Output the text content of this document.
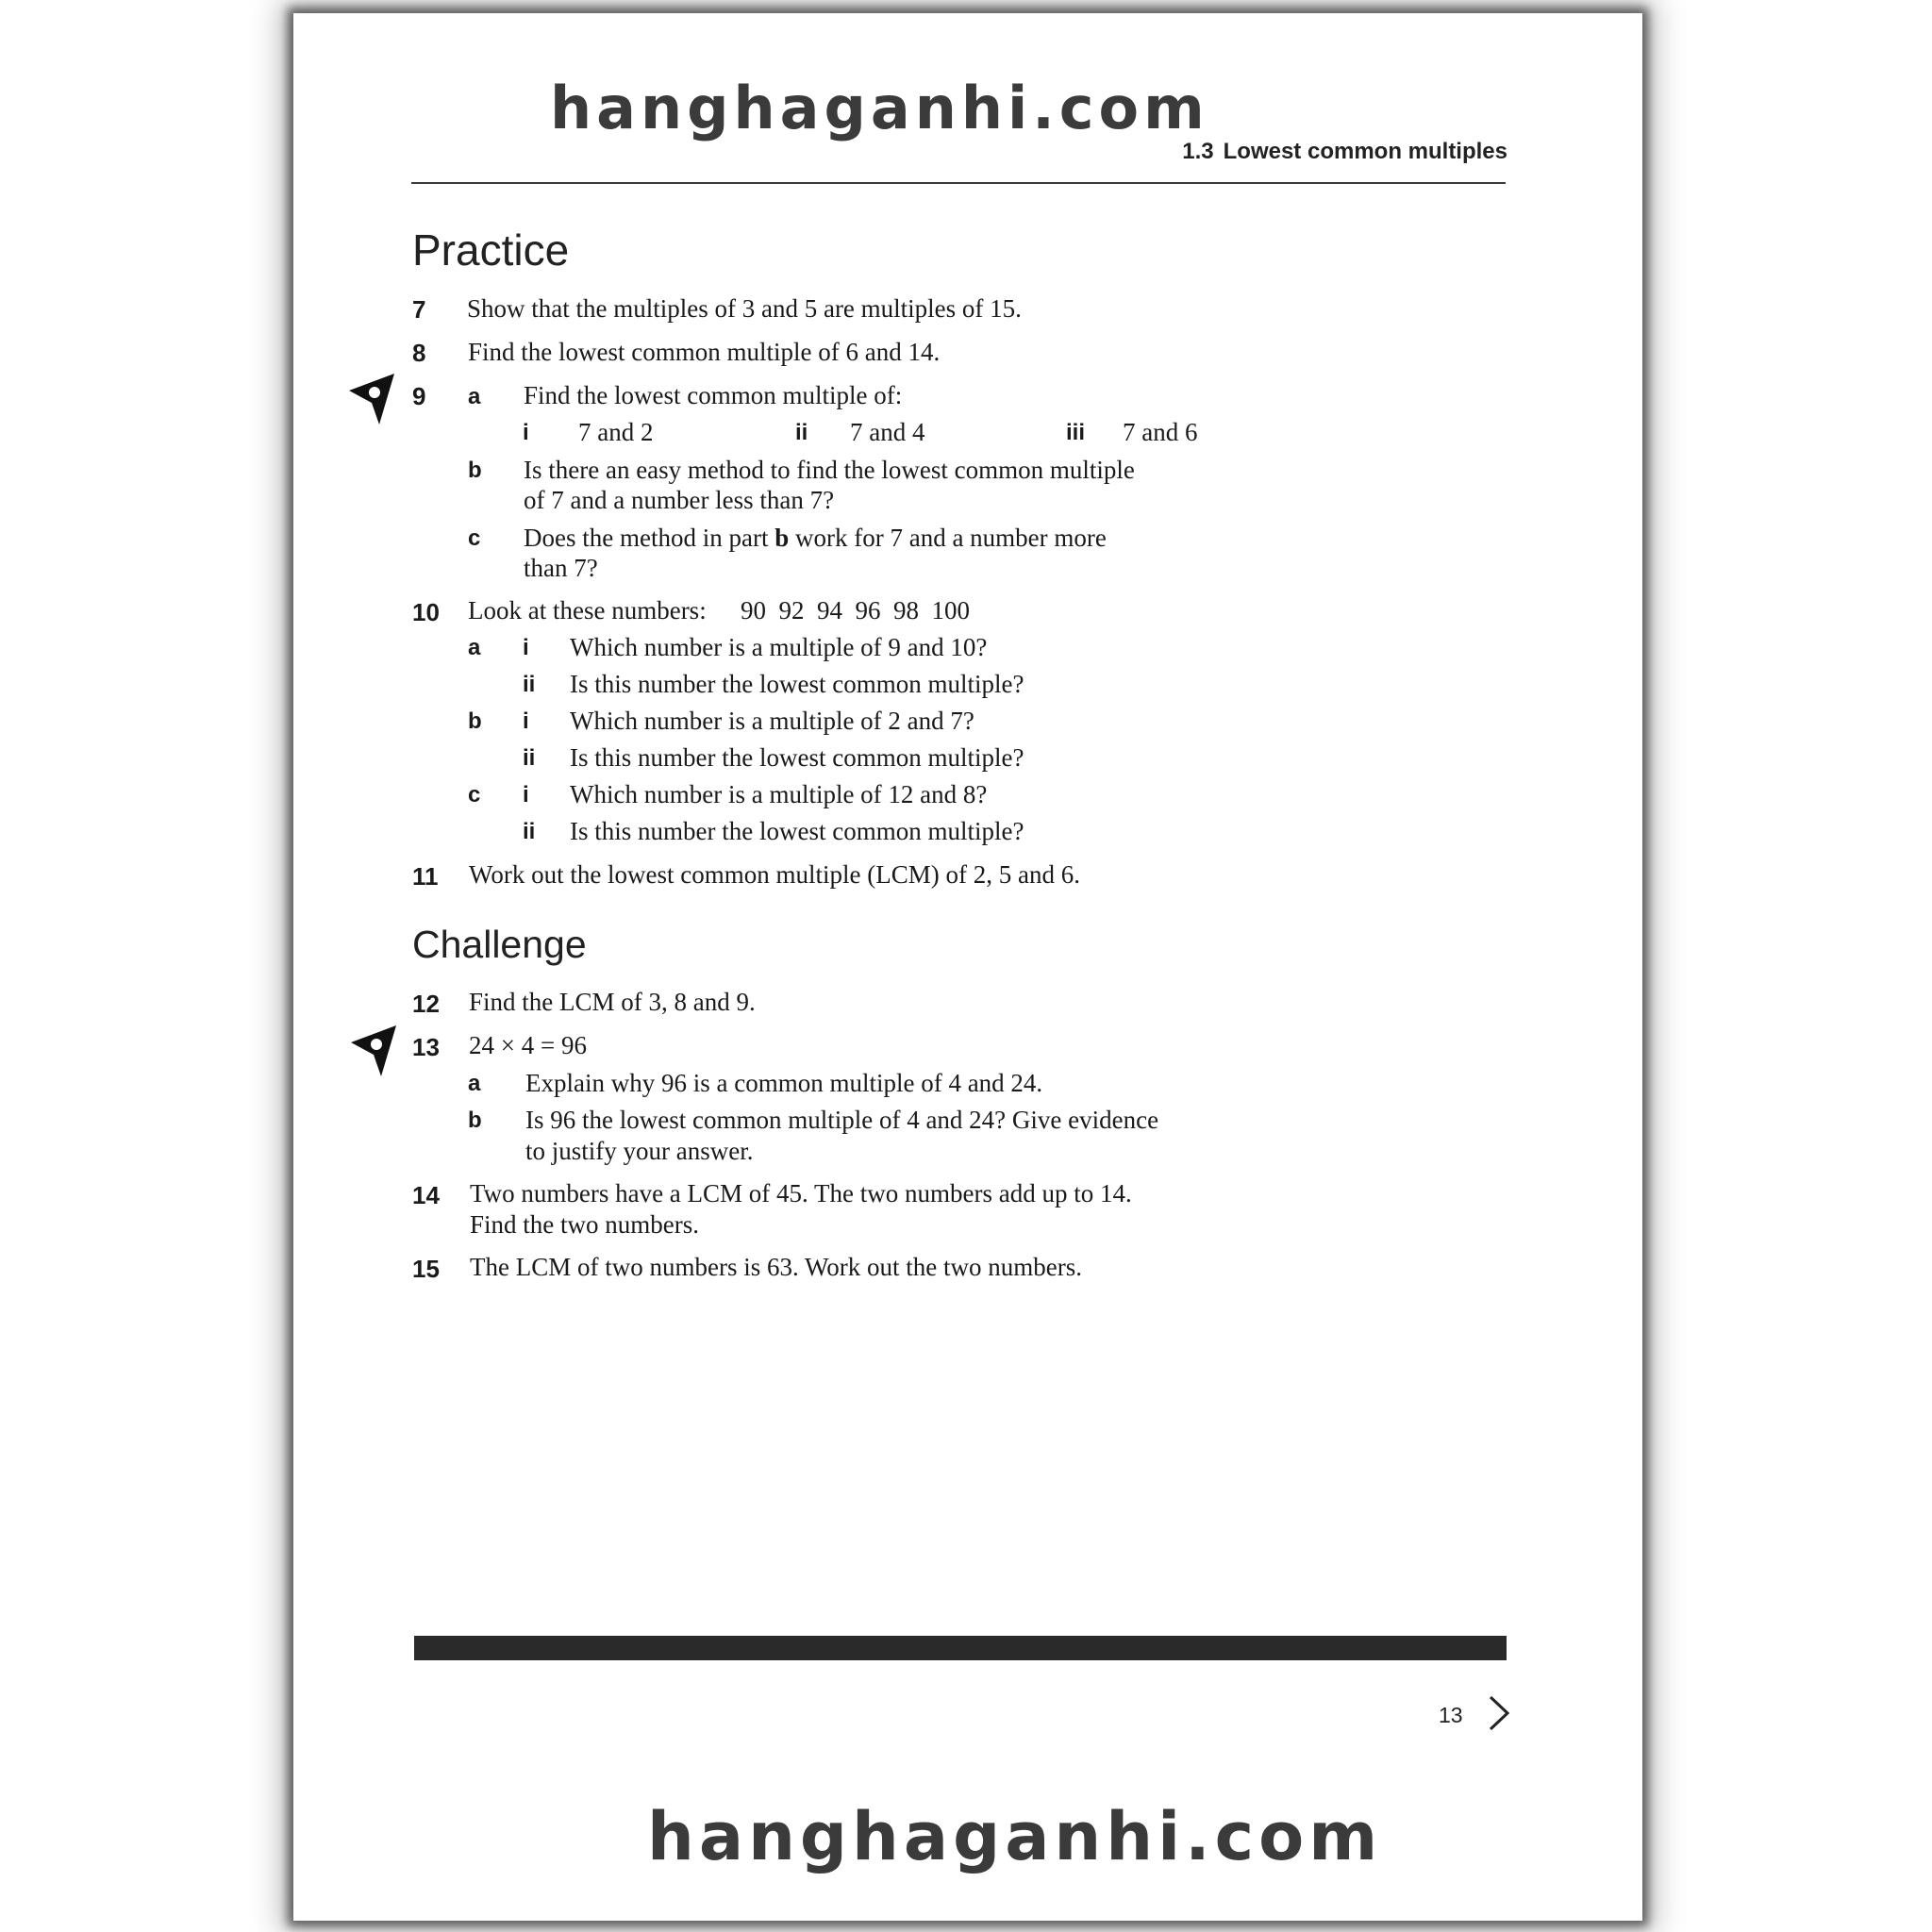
hanghaganhi.com

1.3 Lowest common multiples
Practice
7 Show that the multiples of 3 and 5 are multiples of 15.
8 Find the lowest common multiple of 6 and 14.
9 a Find the lowest common multiple of:
i 7 and 2	ii 7 and 4	iii 7 and 6
b Is there an easy method to find the lowest common multiple
of 7 and a number less than 7?
c Does the method in part b work for 7 and a number more
than 7?
10 Look at these numbers: 90  92  94  96  98  100
a i Which number is a multiple of 9 and 10?
ii Is this number the lowest common multiple?
b i Which number is a multiple of 2 and 7?
ii Is this number the lowest common multiple?
c i Which number is a multiple of 12 and 8?
ii Is this number the lowest common multiple?
11 Work out the lowest common multiple (LCM) of 2, 5 and 6.
Challenge
12 Find the LCM of 3, 8 and 9.
13 24 × 4 = 96
a Explain why 96 is a common multiple of 4 and 24.
b Is 96 the lowest common multiple of 4 and 24? Give evidence
to justify your answer.
14 Two numbers have a LCM of 45. The two numbers add up to 14.
Find the two numbers.
15 The LCM of two numbers is 63. Work out the two numbers.
13

hanghaganhi.com
